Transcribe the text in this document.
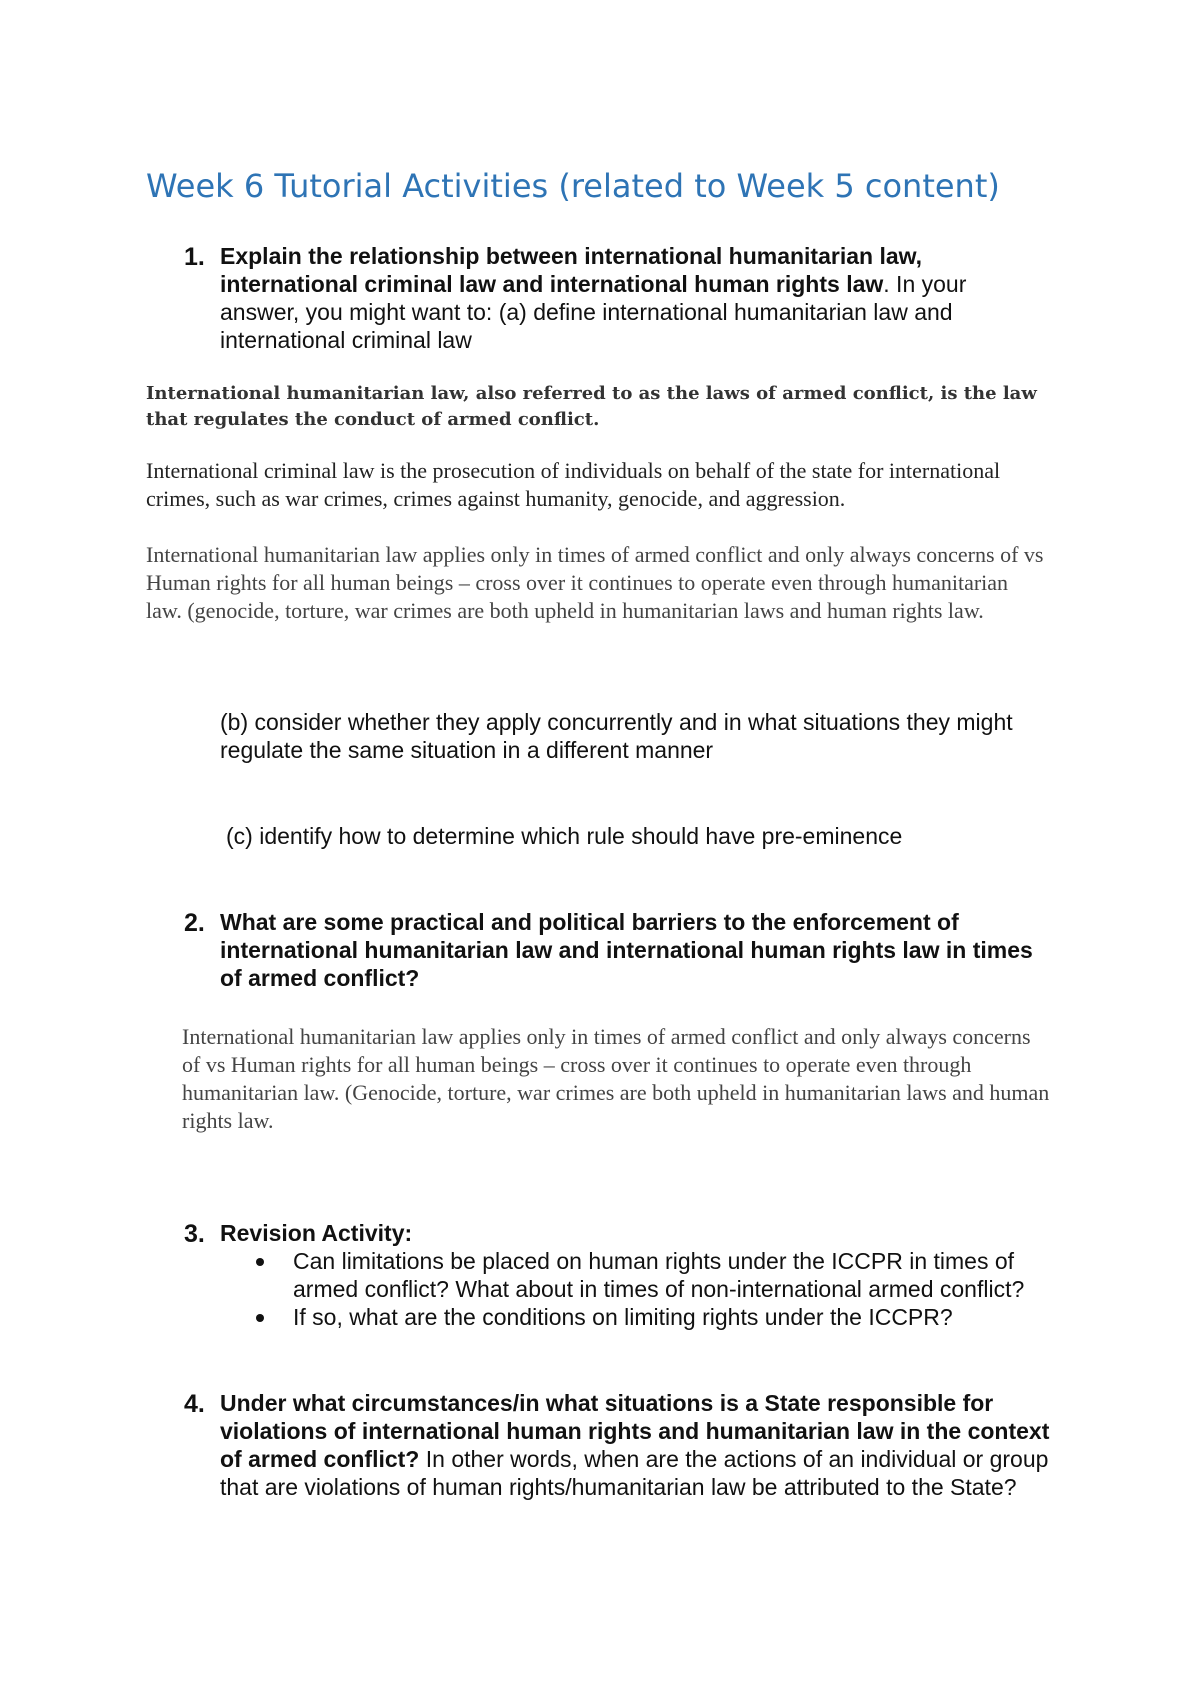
Week 6 Tutorial Activities (related to Week 5 content)
1. Explain the relationship between international humanitarian law, international criminal law and international human rights law. In your answer, you might want to: (a) define international humanitarian law and international criminal law

International humanitarian law, also referred to as the laws of armed conflict, is the law that regulates the conduct of armed conflict.

International criminal law is the prosecution of individuals on behalf of the state for international crimes, such as war crimes, crimes against humanity, genocide, and aggression.

International humanitarian law applies only in times of armed conflict and only always concerns of vs Human rights for all human beings – cross over it continues to operate even through humanitarian law. (genocide, torture, war crimes are both upheld in humanitarian laws and human rights law.

(b) consider whether they apply concurrently and in what situations they might regulate the same situation in a different manner
(c) identify how to determine which rule should have pre-eminence
2. What are some practical and political barriers to the enforcement of international humanitarian law and international human rights law in times of armed conflict?

International humanitarian law applies only in times of armed conflict and only always concerns of vs Human rights for all human beings – cross over it continues to operate even through humanitarian law. (Genocide, torture, war crimes are both upheld in humanitarian laws and human rights law.

3. Revision Activity:
Can limitations be placed on human rights under the ICCPR in times of armed conflict? What about in times of non-international armed conflict?
If so, what are the conditions on limiting rights under the ICCPR?
4. Under what circumstances/in what situations is a State responsible for violations of international human rights and humanitarian law in the context of armed conflict? In other words, when are the actions of an individual or group that are violations of human rights/humanitarian law be attributed to the State?
